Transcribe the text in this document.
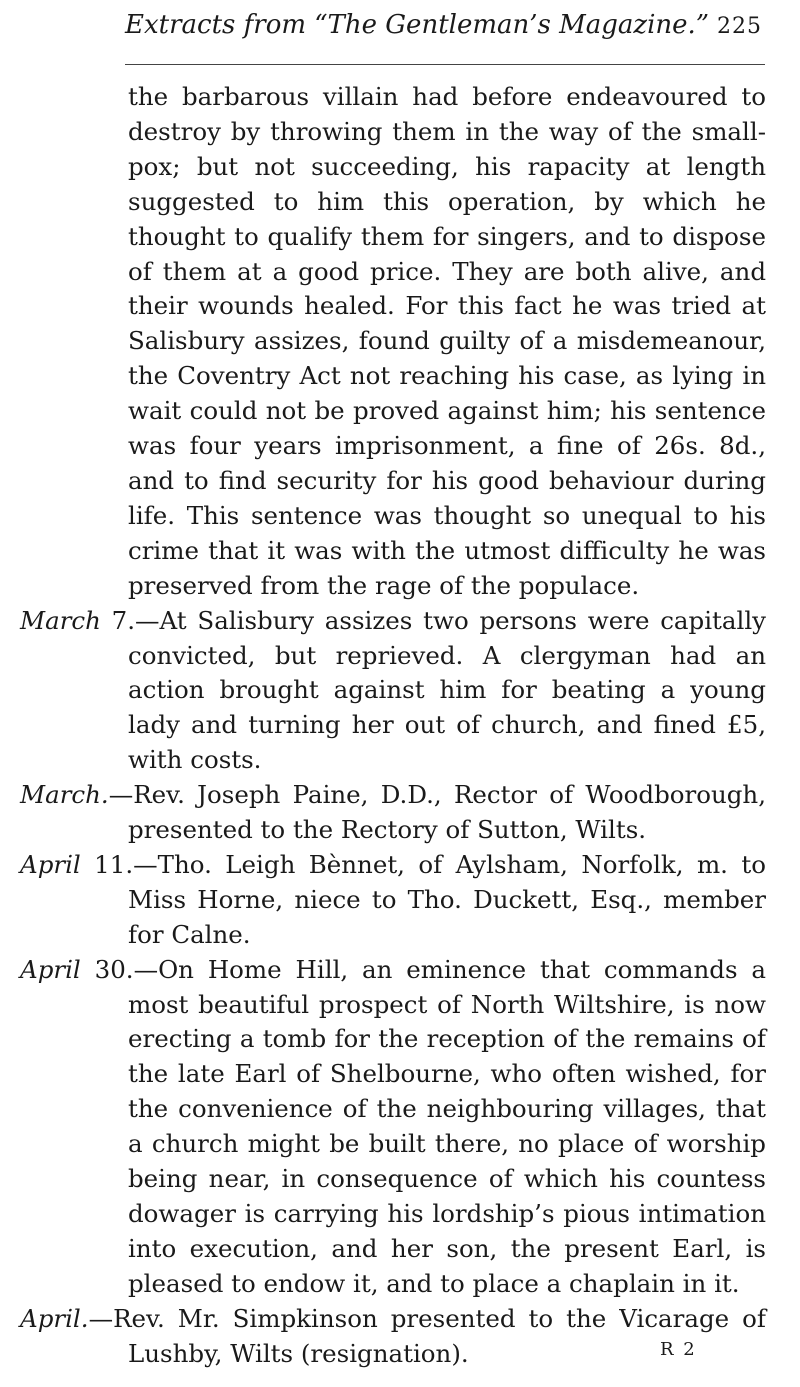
Extracts from “The Gentleman’s Magazine.” 225

the barbarous villain had before endeavoured to destroy by throwing them in the way of the small-pox; but not succeeding, his rapacity at length suggested to him this operation, by which he thought to qualify them for singers, and to dispose of them at a good price. They are both alive, and their wounds healed. For this fact he was tried at Salisbury assizes, found guilty of a misdemeanour, the Coventry Act not reaching his case, as lying in wait could not be proved against him; his sentence was four years imprisonment, a fine of 26s. 8d., and to find security for his good behaviour during life. This sentence was thought so unequal to his crime that it was with the utmost difficulty he was preserved from the rage of the populace.

March 7.—At Salisbury assizes two persons were capitally convicted, but reprieved. A clergyman had an action brought against him for beating a young lady and turning her out of church, and fined £5, with costs.

March.—Rev. Joseph Paine, D.D., Rector of Woodborough, presented to the Rectory of Sutton, Wilts.

April 11.—Tho. Leigh Bènnet, of Aylsham, Norfolk, m. to Miss Horne, niece to Tho. Duckett, Esq., member for Calne.

April 30.—On Home Hill, an eminence that commands a most beautiful prospect of North Wiltshire, is now erecting a tomb for the reception of the remains of the late Earl of Shelbourne, who often wished, for the convenience of the neighbouring villages, that a church might be built there, no place of worship being near, in consequence of which his countess dowager is carrying his lordship’s pious intimation into execution, and her son, the present Earl, is pleased to endow it, and to place a chaplain in it.

April.—Rev. Mr. Simpkinson presented to the Vicarage of Lushby, Wilts (resignation).	R 2
